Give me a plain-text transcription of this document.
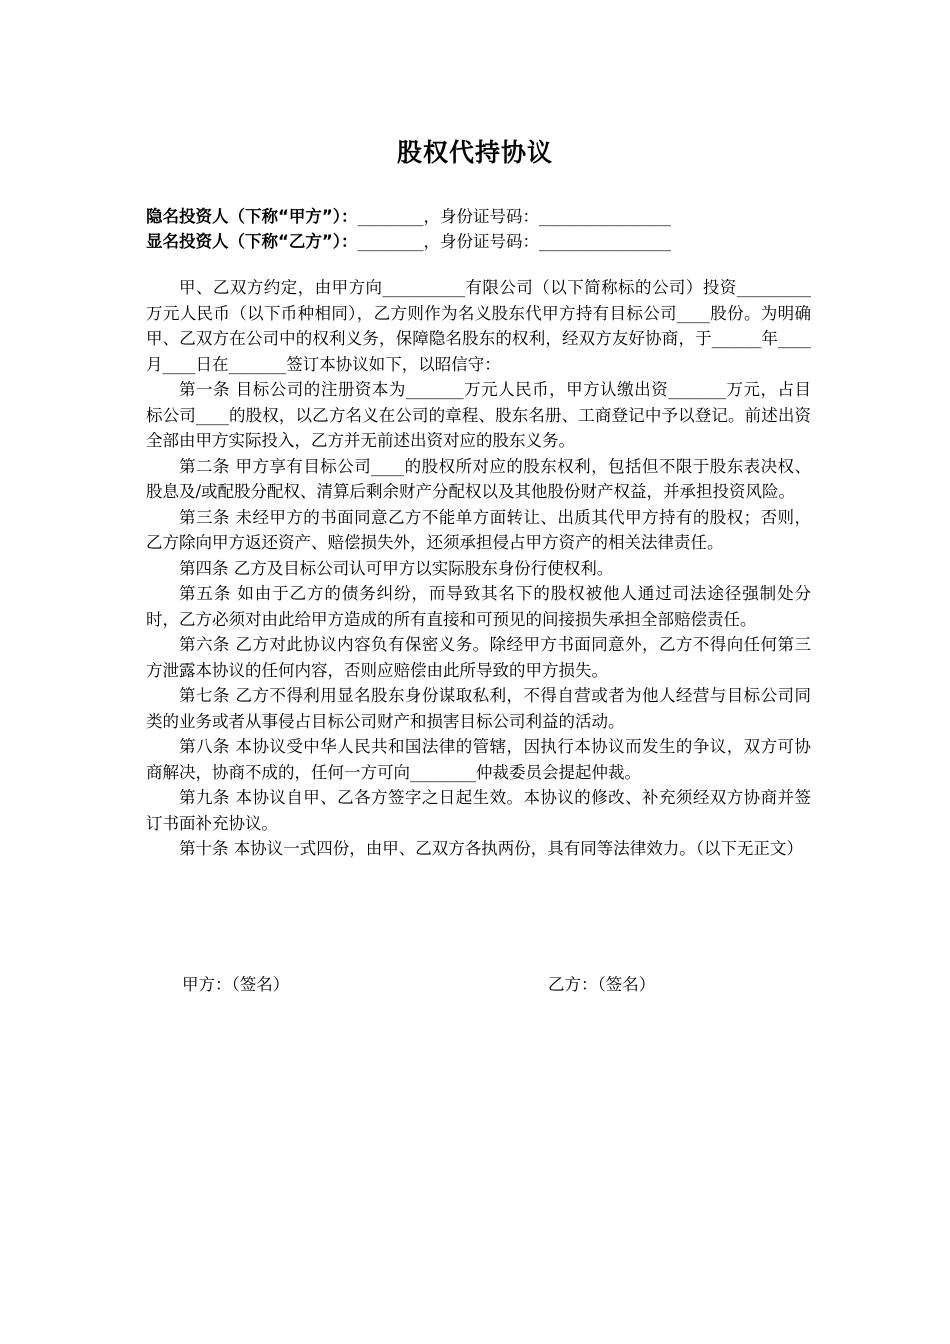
股权代持协议
隐名投资人（下称“甲方”）：________，身份证号码：________________
显名投资人（下称“乙方”）：________，身份证号码：________________

甲、乙双方约定，由甲方向__________有限公司（以下简称标的公司）投资_________万元人民币（以下币种相同），乙方则作为名义股东代甲方持有目标公司____股份。为明确甲、乙双方在公司中的权利义务，保障隐名股东的权利，经双方友好协商，于______年____月____日在_______签订本协议如下，以昭信守：

第一条 目标公司的注册资本为_______万元人民币，甲方认缴出资_______万元，占目标公司____的股权，以乙方名义在公司的章程、股东名册、工商登记中予以登记。前述出资全部由甲方实际投入，乙方并无前述出资对应的股东义务。

第二条 甲方享有目标公司____的股权所对应的股东权利，包括但不限于股东表决权、股息及/或配股分配权、清算后剩余财产分配权以及其他股份财产权益，并承担投资风险。

第三条 未经甲方的书面同意乙方不能单方面转让、出质其代甲方持有的股权；否则，乙方除向甲方返还资产、赔偿损失外，还须承担侵占甲方资产的相关法律责任。

第四条 乙方及目标公司认可甲方以实际股东身份行使权利。

第五条 如由于乙方的债务纠纷，而导致其名下的股权被他人通过司法途径强制处分时，乙方必须对由此给甲方造成的所有直接和可预见的间接损失承担全部赔偿责任。

第六条 乙方对此协议内容负有保密义务。除经甲方书面同意外，乙方不得向任何第三方泄露本协议的任何内容，否则应赔偿由此所导致的甲方损失。

第七条 乙方不得利用显名股东身份谋取私利，不得自营或者为他人经营与目标公司同类的业务或者从事侵占目标公司财产和损害目标公司利益的活动。

第八条 本协议受中华人民共和国法律的管辖，因执行本协议而发生的争议，双方可协商解决，协商不成的，任何一方可向________仲裁委员会提起仲裁。

第九条 本协议自甲、乙各方签字之日起生效。本协议的修改、补充须经双方协商并签订书面补充协议。

第十条 本协议一式四份，由甲、乙双方各执两份，具有同等法律效力。（以下无正文）

甲方：（签名）	乙方：（签名）
